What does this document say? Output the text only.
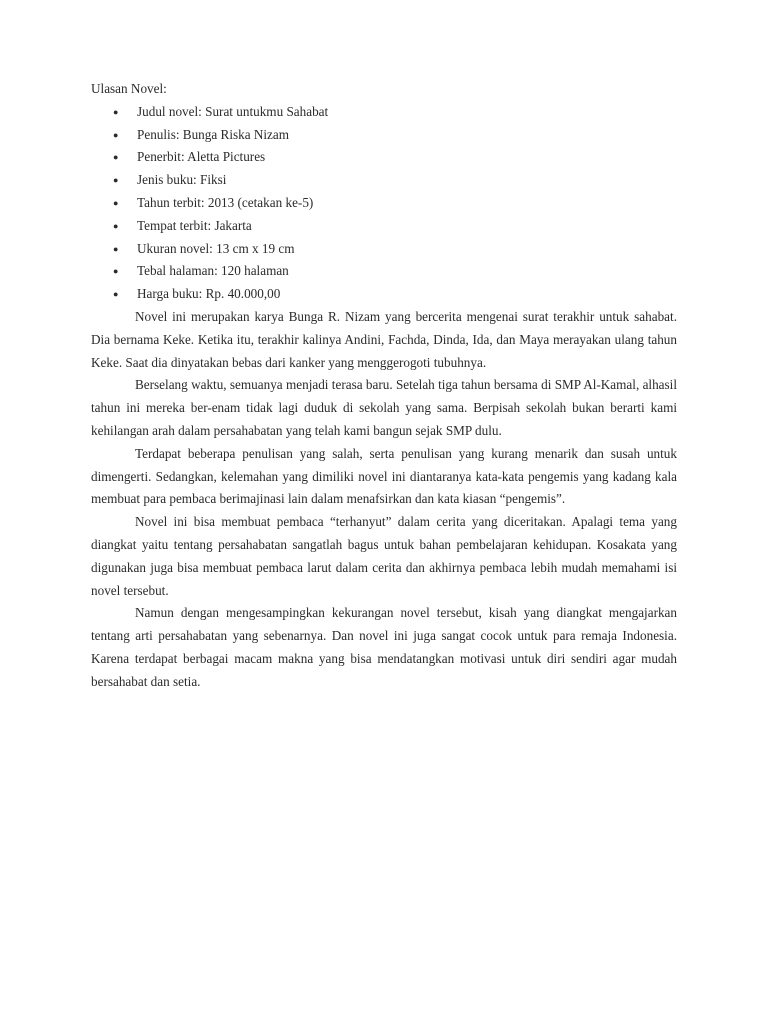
Ulasan Novel:

● Judul novel: Surat untukmu Sahabat
● Penulis: Bunga Riska Nizam
● Penerbit: Aletta Pictures
● Jenis buku: Fiksi
● Tahun terbit: 2013 (cetakan ke-5)
● Tempat terbit: Jakarta
● Ukuran novel: 13 cm x 19 cm
● Tebal halaman: 120 halaman
● Harga buku: Rp. 40.000,00

Novel ini merupakan karya Bunga R. Nizam yang bercerita mengenai surat terakhir untuk sahabat. Dia bernama Keke. Ketika itu, terakhir kalinya Andini, Fachda, Dinda, Ida, dan Maya merayakan ulang tahun Keke. Saat dia dinyatakan bebas dari kanker yang menggerogoti tubuhnya.

Berselang waktu, semuanya menjadi terasa baru. Setelah tiga tahun bersama di SMP Al-Kamal, alhasil tahun ini mereka ber-enam tidak lagi duduk di sekolah yang sama. Berpisah sekolah bukan berarti kami kehilangan arah dalam persahabatan yang telah kami bangun sejak SMP dulu.

Terdapat beberapa penulisan yang salah, serta penulisan yang kurang menarik dan susah untuk dimengerti. Sedangkan, kelemahan yang dimiliki novel ini diantaranya kata-kata pengemis yang kadang kala membuat para pembaca berimajinasi lain dalam menafsirkan dan kata kiasan “pengemis”.

Novel ini bisa membuat pembaca “terhanyut” dalam cerita yang diceritakan. Apalagi tema yang diangkat yaitu tentang persahabatan sangatlah bagus untuk bahan pembelajaran kehidupan. Kosakata yang digunakan juga bisa membuat pembaca larut dalam cerita dan akhirnya pembaca lebih mudah memahami isi novel tersebut.

Namun dengan mengesampingkan kekurangan novel tersebut, kisah yang diangkat mengajarkan tentang arti persahabatan yang sebenarnya. Dan novel ini juga sangat cocok untuk para remaja Indonesia. Karena terdapat berbagai macam makna yang bisa mendatangkan motivasi untuk diri sendiri agar mudah bersahabat dan setia.
